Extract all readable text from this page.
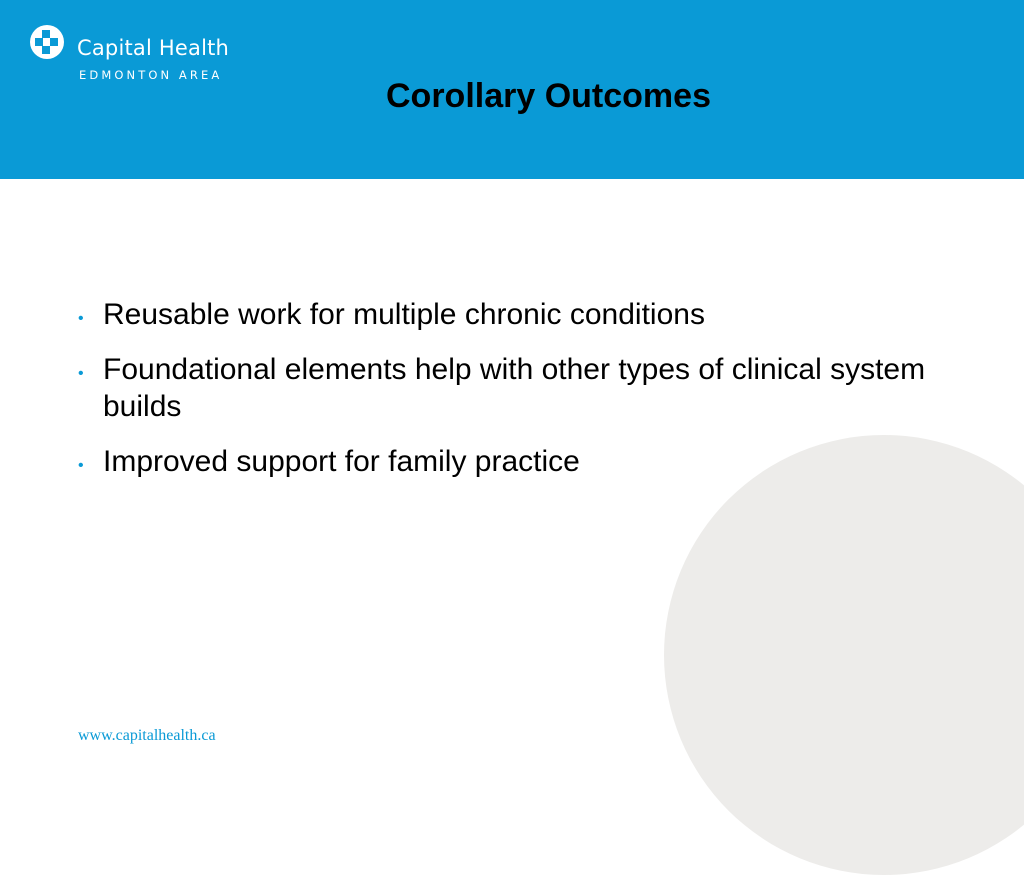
Capital Health
EDMONTON AREA
Corollary Outcomes
• Reusable work for multiple chronic conditions
• Foundational elements help with other types of clinical system builds
• Improved support for family practice
www.capitalhealth.ca
